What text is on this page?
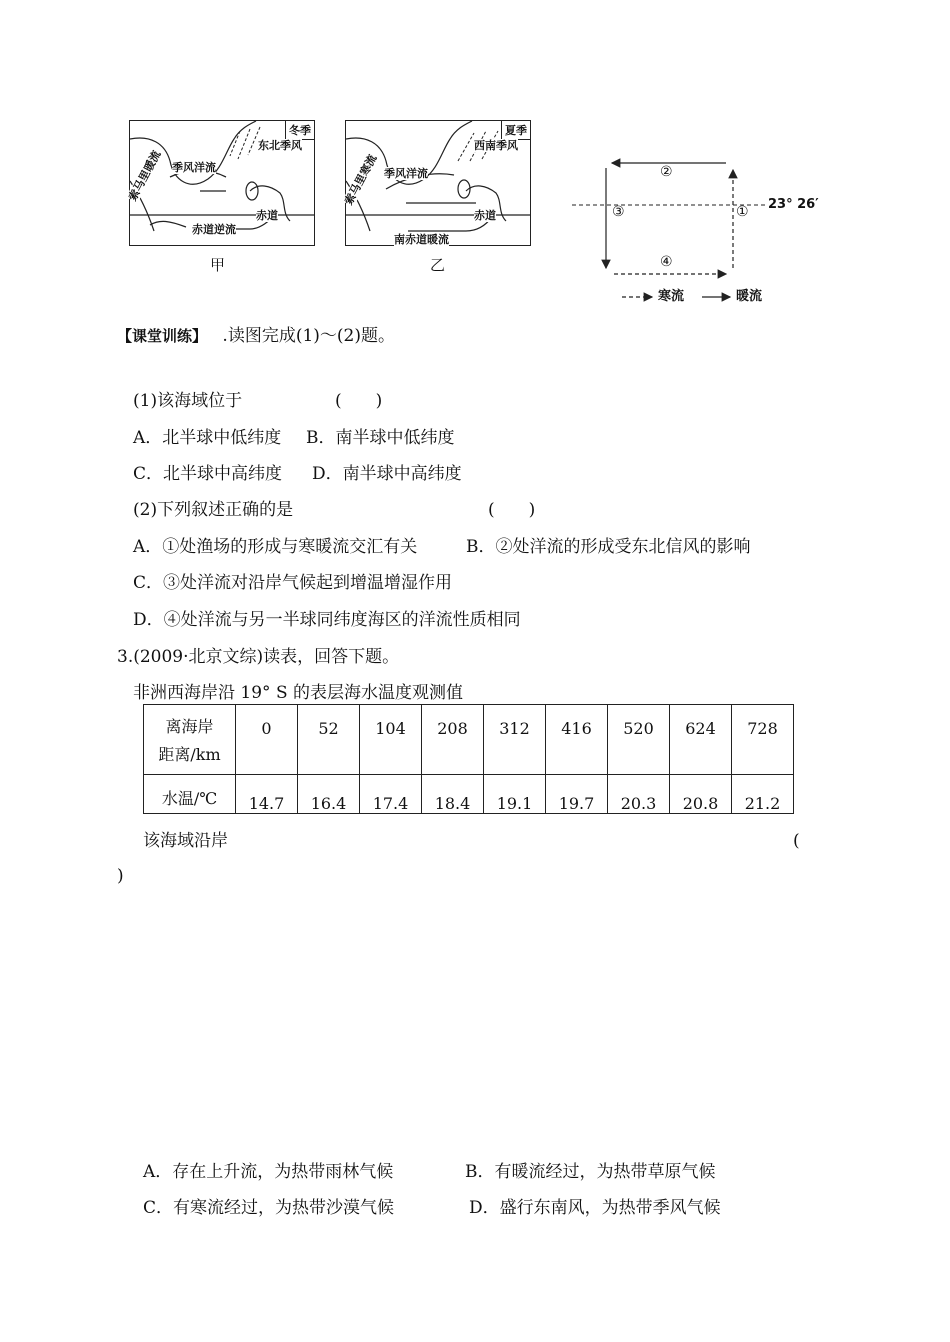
冬季
东北季风
季风洋流
索马里暖流
赤道
赤道逆流
甲
夏季
西南季风
季风洋流
索马里寒流
赤道
南赤道暖流
乙
②
③	①
④
23° 26′
寒流	暖流
【课堂训练】 .读图完成(1)～(2)题。
(1)该海域位于	(　　)
A．北半球中低纬度 B．南半球中低纬度
C．北半球中高纬度 D．南半球中高纬度
(2)下列叙述正确的是	(　　)
A．①处渔场的形成与寒暖流交汇有关	B．②处洋流的形成受东北信风的影响
C．③处洋流对沿岸气候起到增温增湿作用
D．④处洋流与另一半球同纬度海区的洋流性质相同
3.(2009·北京文综)读表，回答下题。
非洲西海岸沿 19° S 的表层海水温度观测值
离海岸
距离/km	0	52	104	208	312	416	520	624	728
水温/℃	14.7	16.4	17.4	18.4	19.1	19.7	20.3	20.8	21.2
该海域沿岸	(
)
A．存在上升流，为热带雨林气候	B．有暖流经过，为热带草原气候
C．有寒流经过，为热带沙漠气候	D．盛行东南风，为热带季风气候
